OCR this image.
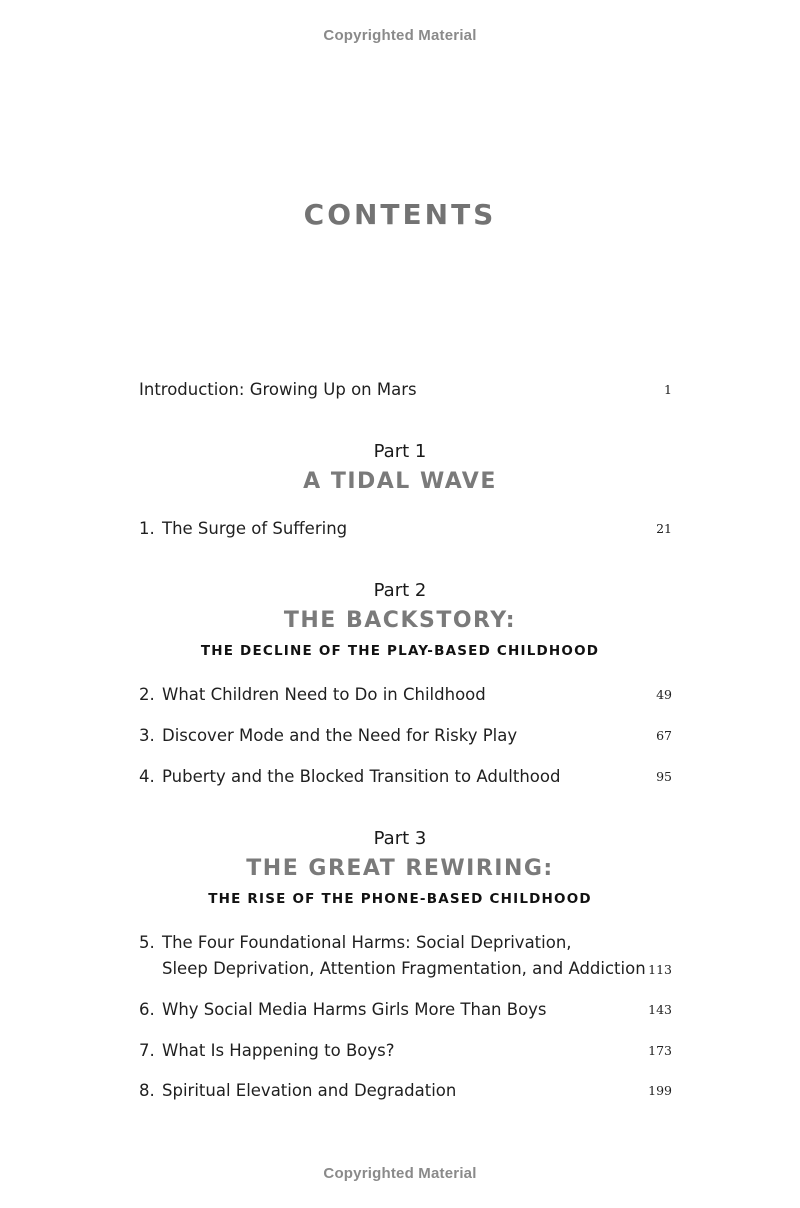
Copyrighted Material
CONTENTS
Introduction: Growing Up on Mars	1
1. The Surge of Suffering	21
2. What Children Need to Do in Childhood	49
3. Discover Mode and the Need for Risky Play	67
4. Puberty and the Blocked Transition to Adulthood	95
5. The Four Foundational Harms: Social Deprivation,
Sleep Deprivation, Attention Fragmentation, and Addiction 113
6. Why Social Media Harms Girls More Than Boys	143
7. What Is Happening to Boys?	173
8. Spiritual Elevation and Degradation	199
Part 1
A TIDAL WAVE
Part 2
THE BACKSTORY:
THE DECLINE OF THE PLAY-BASED CHILDHOOD
Part 3
THE GREAT REWIRING:
THE RISE OF THE PHONE-BASED CHILDHOOD
Copyrighted Material
